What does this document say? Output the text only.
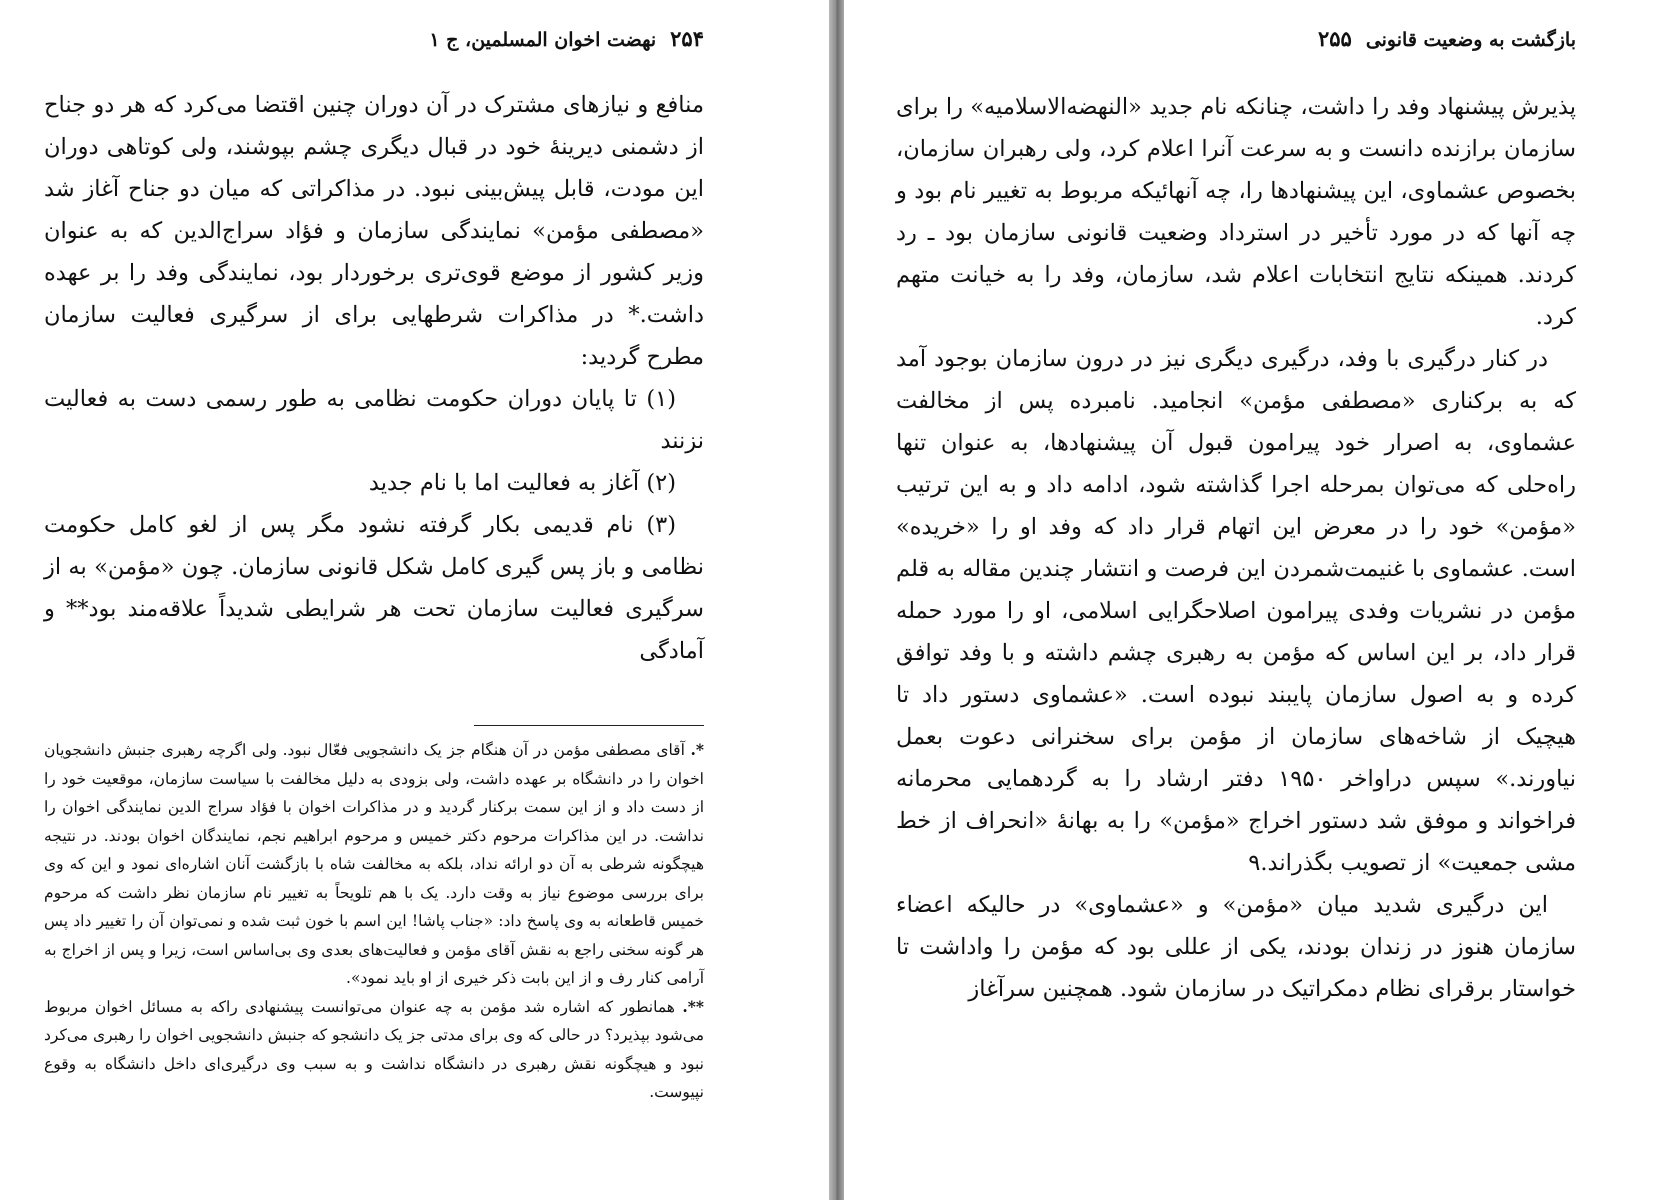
۲۵۴
نهضت اخوان المسلمین، ج ۱

منافع و نیازهای مشترک در آن دوران چنین اقتضا می‌کرد که هر دو جناح از دشمنی دیرینهٔ خود در قبال دیگری چشم بپوشند، ولی کوتاهی دوران این مودت، قابل پیش‌بینی نبود. در مذاکراتی که میان دو جناح آغاز شد «مصطفی مؤمن» نمایندگی سازمان و فؤاد سراج‌الدین که به عنوان وزیر کشور از موضع قوی‌تری برخوردار بود، نمایندگی وفد را بر عهده داشت.* در مذاکرات شرطهایی برای از سرگیری فعالیت سازمان مطرح گردید:

(۱) تا پایان دوران حکومت نظامی به طور رسمی دست به فعالیت نزنند

(۲) آغاز به فعالیت اما با نام جدید

(۳) نام قدیمی بکار گرفته نشود مگر پس از لغو کامل حکومت نظامی و باز پس گیری کامل شکل قانونی سازمان. چون «مؤمن» به از سرگیری فعالیت سازمان تحت هر شرایطی شدیداً علاقه‌مند بود** و آمادگی

*. آقای مصطفی مؤمن در آن هنگام جز یک دانشجویی فعّال نبود. ولی اگرچه رهبری جنبش دانشجویان اخوان را در دانشگاه بر عهده داشت، ولی بزودی به دلیل مخالفت با سیاست سازمان، موقعیت خود را از دست داد و از این سمت برکنار گردید و در مذاکرات اخوان با فؤاد سراج الدین نمایندگی اخوان را نداشت. در این مذاکرات مرحوم دکتر خمیس و مرحوم ابراهیم نجم، نمایندگان اخوان بودند. در نتیجه هیچگونه شرطی به آن دو ارائه نداد، بلکه به مخالفت شاه با بازگشت آنان اشاره‌ای نمود و این که وی برای بررسی موضوع نیاز به وقت دارد. یک با هم تلویحاً به تغییر نام سازمان نظر داشت که مرحوم خمیس قاطعانه به وی پاسخ داد: «جناب پاشا! این اسم با خون ثبت شده و نمی‌توان آن را تغییر داد پس هر گونه سخنی راجع به نقش آقای مؤمن و فعالیت‌های بعدی وی بی‌اساس است، زیرا و پس از اخراج به آرامی کنار رف و از این بابت ذکر خیری از او باید نمود».

**. همانطور که اشاره شد مؤمن به چه عنوان می‌توانست پیشنهادی راکه به مسائل اخوان مربوط می‌شود بپذیرد؟ در حالی که وی برای مدتی جز یک دانشجو که جنبش دانشجویی اخوان را رهبری می‌کرد نبود و هیچگونه نقش رهبری در دانشگاه نداشت و به سبب وی درگیری‌ای داخل دانشگاه به وقوع نپیوست.

بازگشت به وضعیت قانونی
۲۵۵

پذیرش پیشنهاد وفد را داشت، چنانکه نام جدید «النهضه‌الاسلامیه» را برای سازمان برازنده دانست و به سرعت آنرا اعلام کرد، ولی رهبران سازمان، بخصوص عشماوی، این پیشنهادها را، چه آنهائیکه مربوط به تغییر نام بود و چه آنها که در مورد تأخیر در استرداد وضعیت قانونی سازمان بود ـ رد کردند. همینکه نتایج انتخابات اعلام شد، سازمان، وفد را به خیانت متهم کرد.

در کنار درگیری با وفد، درگیری دیگری نیز در درون سازمان بوجود آمد که به برکناری «مصطفی مؤمن» انجامید. نامبرده پس از مخالفت عشماوی، به اصرار خود پیرامون قبول آن پیشنهادها، به عنوان تنها راه‌حلی که می‌توان بمرحله اجرا گذاشته شود، ادامه داد و به این ترتیب «مؤمن» خود را در معرض این اتهام قرار داد که وفد او را «خریده» است. عشماوی با غنیمت‌شمردن این فرصت و انتشار چندین مقاله به قلم مؤمن در نشریات وفدی پیرامون اصلاحگرایی اسلامی، او را مورد حمله قرار داد، بر این اساس که مؤمن به رهبری چشم داشته و با وفد توافق کرده و به اصول سازمان پایبند نبوده است. «عشماوی دستور داد تا هیچیک از شاخه‌های سازمان از مؤمن برای سخنرانی دعوت بعمل نیاورند.» سپس دراواخر ۱۹۵۰ دفتر ارشاد را به گردهمایی محرمانه فراخواند و موفق شد دستور اخراج «مؤمن» را به بهانهٔ «انحراف از خط مشی جمعیت» از تصویب بگذراند.۹

این درگیری شدید میان «مؤمن» و «عشماوی» در حالیکه اعضاء سازمان هنوز در زندان بودند، یکی از عللی بود که مؤمن را واداشت تا خواستار برقرای نظام دمکراتیک در سازمان شود. همچنین سرآغاز
